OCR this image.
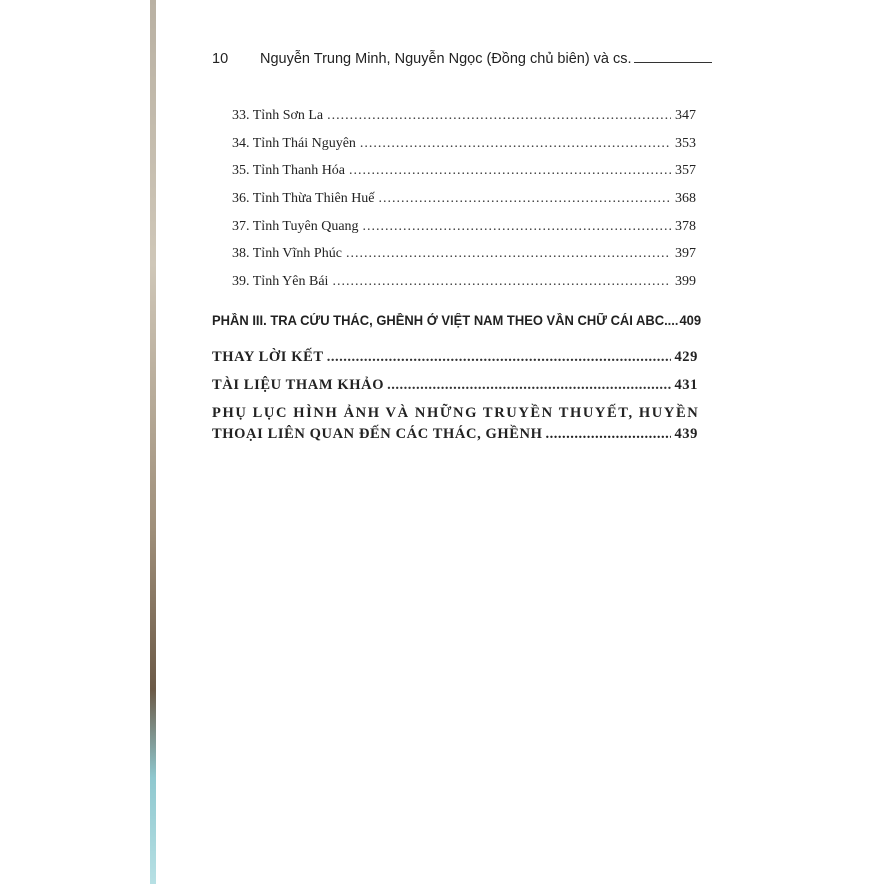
10	Nguyễn Trung Minh, Nguyễn Ngọc (Đồng chủ biên) và cs.
33. Tỉnh Sơn La .....	347
34. Tỉnh Thái Nguyên .....	353
35. Tỉnh Thanh Hóa .....	357
36. Tỉnh Thừa Thiên Huế .....	368
37. Tỉnh Tuyên Quang .....	378
38. Tỉnh Vĩnh Phúc .....	397
39. Tỉnh Yên Bái .....	399
PHẦN III. TRA CỨU THÁC, GHỀNH Ở VIỆT NAM THEO VẦN CHỮ CÁI ABC ..... 409
THAY LỜI KẾT .....	429
TÀI LIỆU THAM KHẢO .....	431
PHỤ LỤC HÌNH ẢNH VÀ NHỮNG TRUYỀN THUYẾT, HUYỀN
THOẠI LIÊN QUAN ĐẾN CÁC THÁC, GHỀNH .....	439
